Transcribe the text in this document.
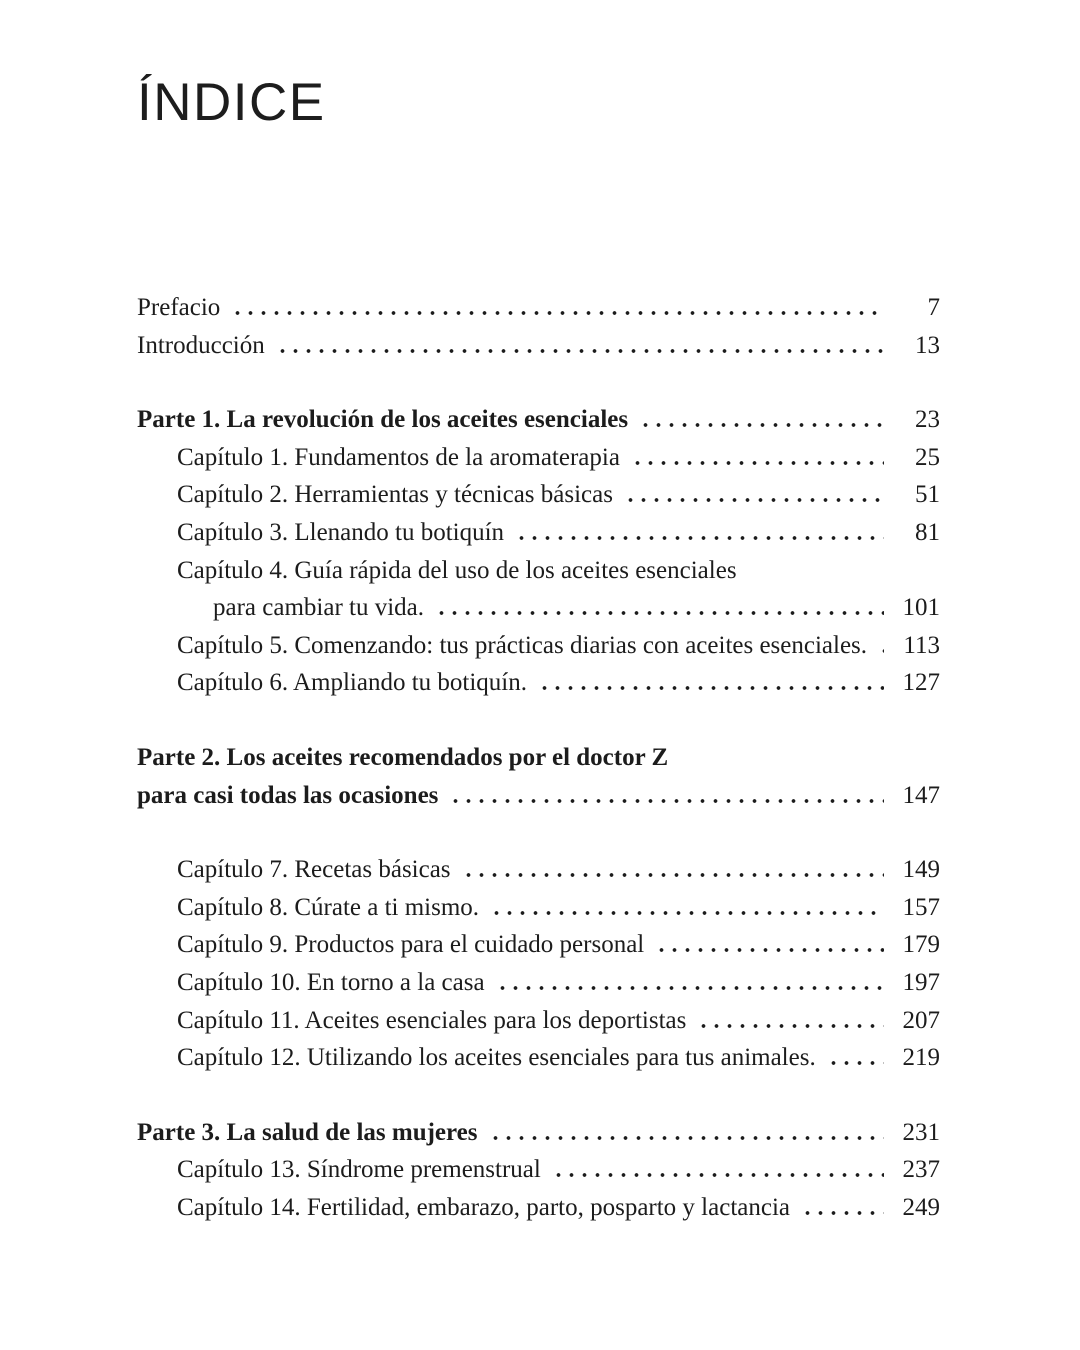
ÍNDICE
Prefacio	7
Introducción	13
Parte 1. La revolución de los aceites esenciales	23
Capítulo 1. Fundamentos de la aromaterapia	25
Capítulo 2. Herramientas y técnicas básicas	51
Capítulo 3. Llenando tu botiquín	81
Capítulo 4. Guía rápida del uso de los aceites esenciales
para cambiar tu vida.	101
Capítulo 5. Comenzando: tus prácticas diarias con aceites esenciales.	113
Capítulo 6. Ampliando tu botiquín.	127
Parte 2. Los aceites recomendados por el doctor Z
para casi todas las ocasiones	147
Capítulo 7. Recetas básicas	149
Capítulo 8. Cúrate a ti mismo.	157
Capítulo 9. Productos para el cuidado personal	179
Capítulo 10. En torno a la casa	197
Capítulo 11. Aceites esenciales para los deportistas	207
Capítulo 12. Utilizando los aceites esenciales para tus animales.	219
Parte 3. La salud de las mujeres	231
Capítulo 13. Síndrome premenstrual	237
Capítulo 14. Fertilidad, embarazo, parto, posparto y lactancia	249
